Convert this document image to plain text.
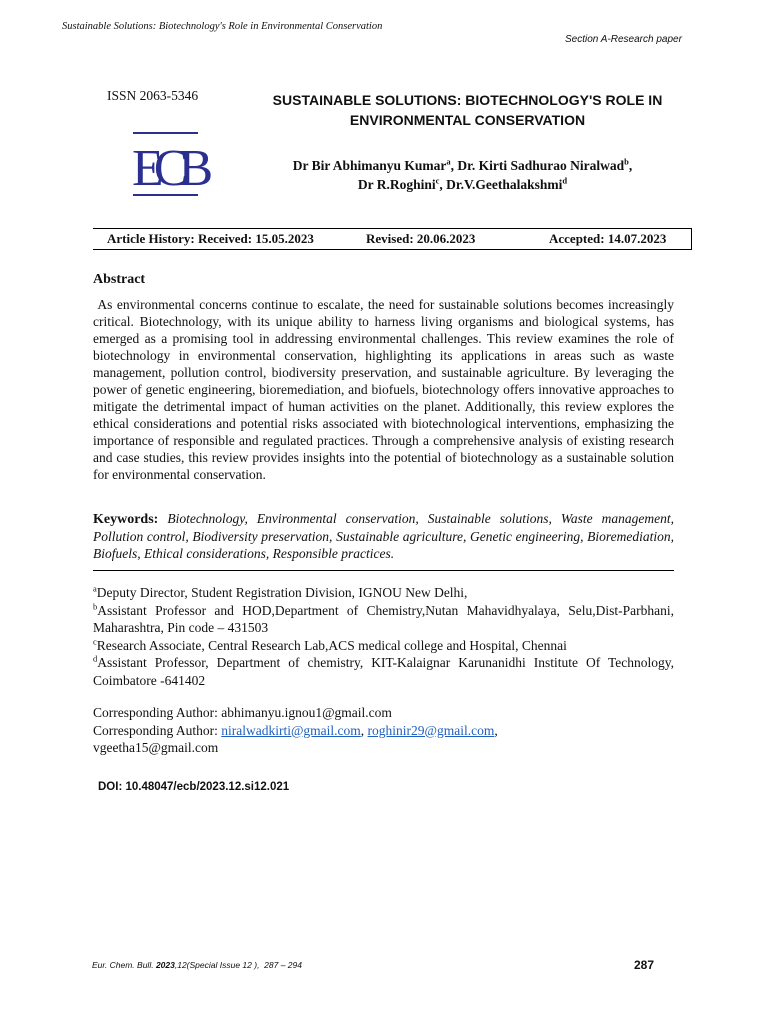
Sustainable Solutions: Biotechnology's Role in Environmental Conservation
Section A-Research paper
ISSN 2063-5346	SUSTAINABLE SOLUTIONS: BIOTECHNOLOGY'S ROLE IN
ENVIRONMENTAL CONSERVATION
ECB	Dr Bir Abhimanyu Kumar$^a$, Dr. Kirti Sadhurao Niralwad$^b$,
Dr R.Roghini$^c$, Dr.V.Geethalakshmi$^d$
Article History: Received: 15.05.2023	Revised: 20.06.2023	Accepted: 14.07.2023
Abstract
As environmental concerns continue to escalate, the need for sustainable solutions becomes increasingly critical. Biotechnology, with its unique ability to harness living organisms and biological systems, has emerged as a promising tool in addressing environmental challenges. This review examines the role of biotechnology in environmental conservation, highlighting its applications in areas such as waste management, pollution control, biodiversity preservation, and sustainable agriculture. By leveraging the power of genetic engineering, bioremediation, and biofuels, biotechnology offers innovative approaches to mitigate the detrimental impact of human activities on the planet. Additionally, this review explores the ethical considerations and potential risks associated with biotechnological interventions, emphasizing the importance of responsible and regulated practices. Through a comprehensive analysis of existing research and case studies, this review provides insights into the potential of biotechnology as a sustainable solution for environmental conservation.
Keywords: Biotechnology, Environmental conservation, Sustainable solutions, Waste management, Pollution control, Biodiversity preservation, Sustainable agriculture, Genetic engineering, Bioremediation, Biofuels, Ethical considerations, Responsible practices.

$^a$Deputy Director, Student Registration Division, IGNOU New Delhi,

$^b$Assistant Professor and HOD,Department of Chemistry,Nutan Mahavidhyalaya, Selu,Dist-Parbhani, Maharashtra, Pin code – 431503

$^c$Research Associate, Central Research Lab,ACS medical college and Hospital, Chennai

$^d$Assistant Professor, Department of chemistry, KIT-Kalaignar Karunanidhi Institute Of Technology, Coimbatore -641402

Corresponding Author: abhimanyu.ignou1@gmail.com

Corresponding Author: niralwadkirti@gmail.com, roghinir29@gmail.com,

vgeetha15@gmail.com

DOI: 10.48047/ecb/2023.12.si12.021
Eur. Chem. Bull. 2023,12(Special Issue 12 ), 287 – 294	287
